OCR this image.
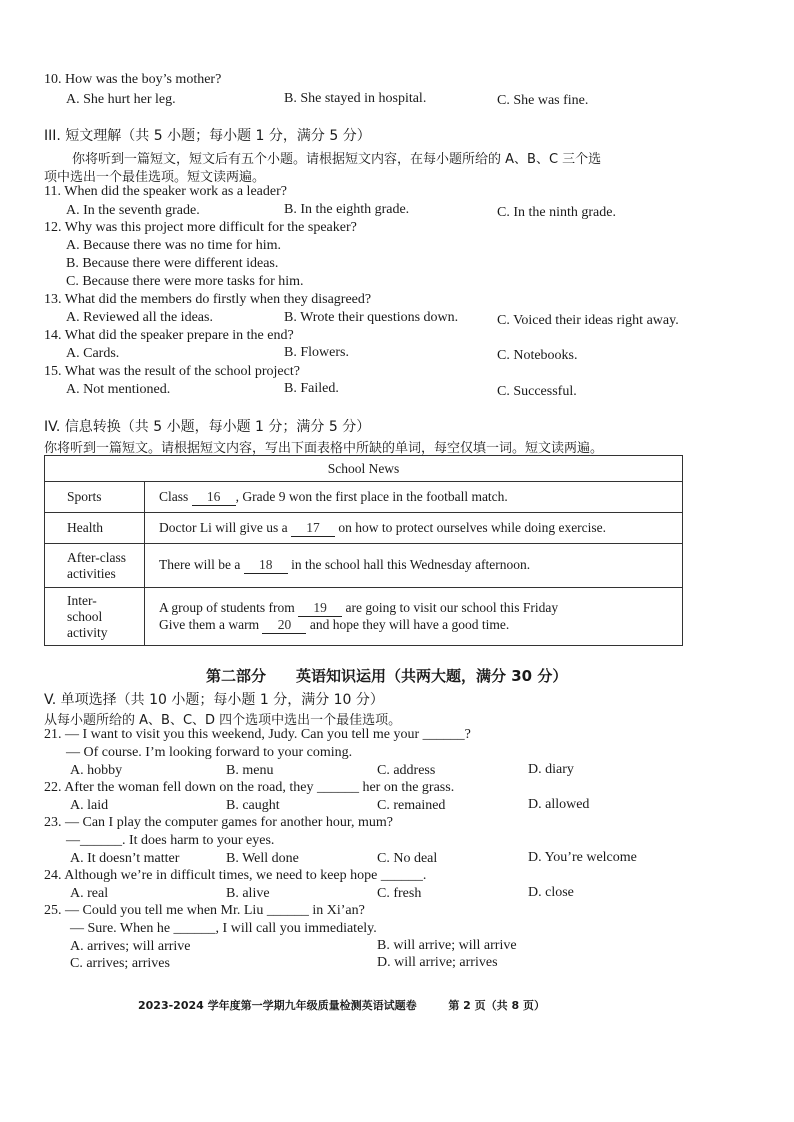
10. How was the boy’s mother?
A. She hurt her leg.	B. She stayed in hospital.	C. She was fine.
III. 短文理解（共 5 小题；每小题 1 分，满分 5 分）
你将听到一篇短文，短文后有五个小题。请根据短文内容，在每小题所给的 A、B、C 三个选
项中选出一个最佳选项。短文读两遍。
11. When did the speaker work as a leader?
A. In the seventh grade.	B. In the eighth grade.	C. In the ninth grade.
12. Why was this project more difficult for the speaker?
A. Because there was no time for him.
B. Because there were different ideas.
C. Because there were more tasks for him.
13. What did the members do firstly when they disagreed?
A. Reviewed all the ideas.	B. Wrote their questions down.	C. Voiced their ideas right away.
14. What did the speaker prepare in the end?
A. Cards.	B. Flowers.	C. Notebooks.
15. What was the result of the school project?
A. Not mentioned.	B. Failed.	C. Successful.
IV. 信息转换（共 5 小题，每小题 1 分；满分 5 分）
你将听到一篇短文。请根据短文内容，写出下面表格中所缺的单词，每空仅填一词。短文读两遍。
School News	
Sports	Class 16 , Grade 9 won the first place in the football match.
Health	Doctor Li will give us a 17 on how to protect ourselves while doing exercise.

After-class
activities	There will be a 18 in the school hall this Wednesday afternoon.

Inter-school
activity	A group of students from 19 are going to visit our school this Friday
Give them a warm 20 and hope they will have a good time.
第二部分　　英语知识运用（共两大题，满分 30 分）
V. 单项选择（共 10 小题；每小题 1 分，满分 10 分）
从每小题所给的 A、B、C、D 四个选项中选出一个最佳选项。
21. — I want to visit you this weekend, Judy. Can you tell me your ______?
— Of course. I’m looking forward to your coming.
A. hobby	B. menu	C. address	D. diary
22. After the woman fell down on the road, they ______ her on the grass.
A. laid	B. caught	C. remained	D. allowed
23. — Can I play the computer games for another hour, mum?
—______. It does harm to your eyes.
A. It doesn’t matter	B. Well done	C. No deal	D. You’re welcome
24. Although we’re in difficult times, we need to keep hope ______.
A. real	B. alive	C. fresh	D. close
25. — Could you tell me when Mr. Liu ______ in Xi’an?
— Sure. When he ______, I will call you immediately.
A. arrives; will arrive	B. will arrive; will arrive
C. arrives; arrives	D. will arrive; arrives
2023-2024 学年度第一学期九年级质量检测英语试题卷	第 2 页（共 8 页）
